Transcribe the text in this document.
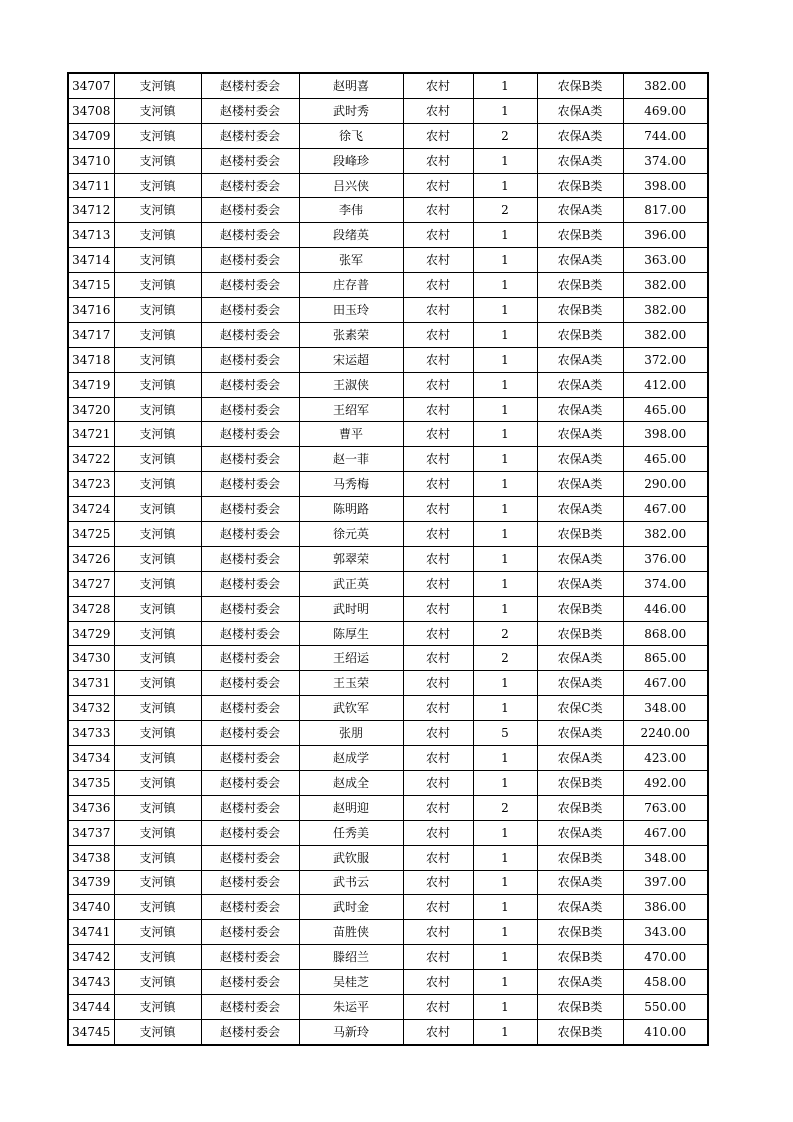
34707	支河镇	赵楼村委会	赵明喜	农村	1	农保B类	382.00
34708	支河镇	赵楼村委会	武时秀	农村	1	农保A类	469.00
34709	支河镇	赵楼村委会	徐飞	农村	2	农保A类	744.00
34710	支河镇	赵楼村委会	段峰珍	农村	1	农保A类	374.00
34711	支河镇	赵楼村委会	吕兴侠	农村	1	农保B类	398.00
34712	支河镇	赵楼村委会	李伟	农村	2	农保A类	817.00
34713	支河镇	赵楼村委会	段绪英	农村	1	农保B类	396.00
34714	支河镇	赵楼村委会	张军	农村	1	农保A类	363.00
34715	支河镇	赵楼村委会	庄存普	农村	1	农保B类	382.00
34716	支河镇	赵楼村委会	田玉玲	农村	1	农保B类	382.00
34717	支河镇	赵楼村委会	张素荣	农村	1	农保B类	382.00
34718	支河镇	赵楼村委会	宋运超	农村	1	农保A类	372.00
34719	支河镇	赵楼村委会	王淑侠	农村	1	农保A类	412.00
34720	支河镇	赵楼村委会	王绍军	农村	1	农保A类	465.00
34721	支河镇	赵楼村委会	曹平	农村	1	农保A类	398.00
34722	支河镇	赵楼村委会	赵一菲	农村	1	农保A类	465.00
34723	支河镇	赵楼村委会	马秀梅	农村	1	农保A类	290.00
34724	支河镇	赵楼村委会	陈明路	农村	1	农保A类	467.00
34725	支河镇	赵楼村委会	徐元英	农村	1	农保B类	382.00
34726	支河镇	赵楼村委会	郭翠荣	农村	1	农保A类	376.00
34727	支河镇	赵楼村委会	武正英	农村	1	农保A类	374.00
34728	支河镇	赵楼村委会	武时明	农村	1	农保B类	446.00
34729	支河镇	赵楼村委会	陈厚生	农村	2	农保B类	868.00
34730	支河镇	赵楼村委会	王绍运	农村	2	农保A类	865.00
34731	支河镇	赵楼村委会	王玉荣	农村	1	农保A类	467.00
34732	支河镇	赵楼村委会	武钦军	农村	1	农保C类	348.00
34733	支河镇	赵楼村委会	张朋	农村	5	农保A类	2240.00
34734	支河镇	赵楼村委会	赵成学	农村	1	农保A类	423.00
34735	支河镇	赵楼村委会	赵成全	农村	1	农保B类	492.00
34736	支河镇	赵楼村委会	赵明迎	农村	2	农保B类	763.00
34737	支河镇	赵楼村委会	任秀美	农村	1	农保A类	467.00
34738	支河镇	赵楼村委会	武钦服	农村	1	农保B类	348.00
34739	支河镇	赵楼村委会	武书云	农村	1	农保A类	397.00
34740	支河镇	赵楼村委会	武时金	农村	1	农保A类	386.00
34741	支河镇	赵楼村委会	苗胜侠	农村	1	农保B类	343.00
34742	支河镇	赵楼村委会	滕绍兰	农村	1	农保B类	470.00
34743	支河镇	赵楼村委会	吴桂芝	农村	1	农保A类	458.00
34744	支河镇	赵楼村委会	朱运平	农村	1	农保B类	550.00
34745	支河镇	赵楼村委会	马新玲	农村	1	农保B类	410.00
